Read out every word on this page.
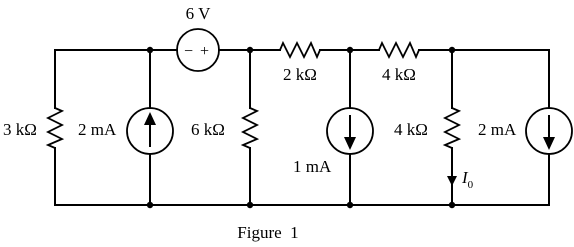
− +
6 V
3 kΩ	6 kΩ
2 kΩ	4 kΩ
4 kΩ
2 mA
1 mA
2 mA
$I_0$
Figure  1
